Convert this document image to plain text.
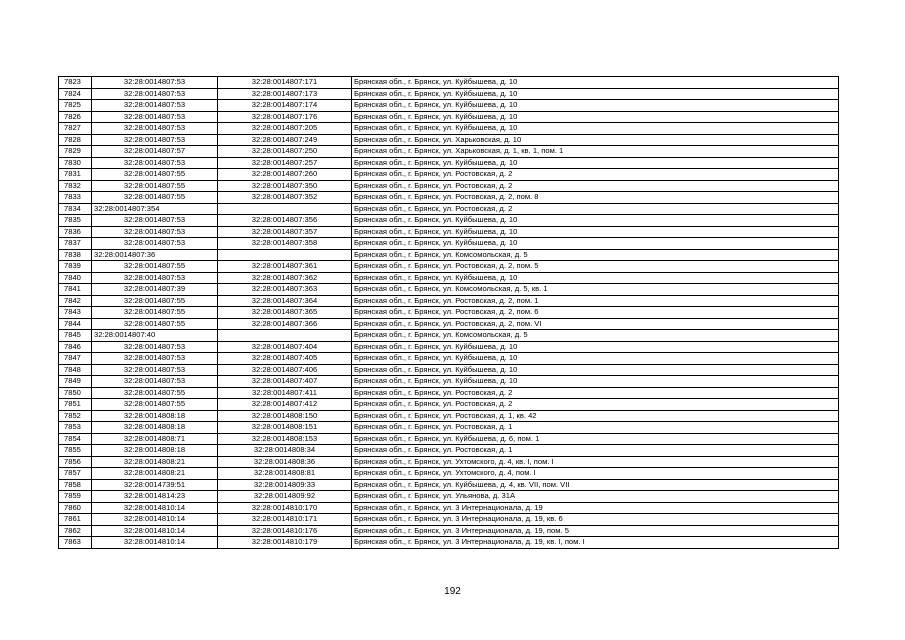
7823	32:28:0014807:53	32:28:0014807:171	Брянская обл., г. Брянск, ул. Куйбышева, д. 10
7824	32:28:0014807:53	32:28:0014807:173	Брянская обл., г. Брянск, ул. Куйбышева, д. 10
7825	32:28:0014807:53	32:28:0014807:174	Брянская обл., г. Брянск, ул. Куйбышева, д. 10
7826	32:28:0014807:53	32:28:0014807:176	Брянская обл., г. Брянск, ул. Куйбышева, д. 10
7827	32:28:0014807:53	32:28:0014807:205	Брянская обл., г. Брянск, ул. Куйбышева, д. 10
7828	32:28:0014807:53	32:28:0014807:249	Брянская обл., г. Брянск, ул. Харьковская, д. 10
7829	32:28:0014807:57	32:28:0014807:250	Брянская обл., г. Брянск, ул. Харьковская, д. 1, кв. 1, пом. 1
7830	32:28:0014807:53	32:28:0014807:257	Брянская обл., г. Брянск, ул. Куйбышева, д. 10
7831	32:28:0014807:55	32:28:0014807:260	Брянская обл., г. Брянск, ул. Ростовская, д. 2
7832	32:28:0014807:55	32:28:0014807:350	Брянская обл., г. Брянск, ул. Ростовская, д. 2
7833	32:28:0014807:55	32:28:0014807:352	Брянская обл., г. Брянск, ул. Ростовская, д. 2, пом. 8
7834	32:28:0014807:354		Брянская обл., г. Брянск, ул. Ростовская, д. 2
7835	32:28:0014807:53	32:28:0014807:356	Брянская обл., г. Брянск, ул. Куйбышева, д. 10
7836	32:28:0014807:53	32:28:0014807:357	Брянская обл., г. Брянск, ул. Куйбышева, д. 10
7837	32:28:0014807:53	32:28:0014807:358	Брянская обл., г. Брянск, ул. Куйбышева, д. 10
7838	32:28:0014807:36		Брянская обл., г. Брянск, ул. Комсомольская, д. 5
7839	32:28:0014807:55	32:28:0014807:361	Брянская обл., г. Брянск, ул. Ростовская, д. 2, пом. 5
7840	32:28:0014807:53	32:28:0014807:362	Брянская обл., г. Брянск, ул. Куйбышева, д. 10
7841	32:28:0014807:39	32:28:0014807:363	Брянская обл., г. Брянск, ул. Комсомольская, д. 5, кв. 1
7842	32:28:0014807:55	32:28:0014807:364	Брянская обл., г. Брянск, ул. Ростовская, д. 2, пом. 1
7843	32:28:0014807:55	32:28:0014807:365	Брянская обл., г. Брянск, ул. Ростовская, д. 2, пом. 6
7844	32:28:0014807:55	32:28:0014807:366	Брянская обл., г. Брянск, ул. Ростовская, д. 2, пом. VI
7845	32:28:0014807:40		Брянская обл., г. Брянск, ул. Комсомольская, д. 5
7846	32:28:0014807:53	32:28:0014807:404	Брянская обл., г. Брянск, ул. Куйбышева, д. 10
7847	32:28:0014807:53	32:28:0014807:405	Брянская обл., г. Брянск, ул. Куйбышева, д. 10
7848	32:28:0014807:53	32:28:0014807:406	Брянская обл., г. Брянск, ул. Куйбышева, д. 10
7849	32:28:0014807:53	32:28:0014807:407	Брянская обл., г. Брянск, ул. Куйбышева, д. 10
7850	32:28:0014807:55	32:28:0014807:411	Брянская обл., г. Брянск, ул. Ростовская, д. 2
7851	32:28:0014807:55	32:28:0014807:412	Брянская обл., г. Брянск, ул. Ростовская, д. 2
7852	32:28:0014808:18	32:28:0014808:150	Брянская обл., г. Брянск, ул. Ростовская, д. 1, кв. 42
7853	32:28:0014808:18	32:28:0014808:151	Брянская обл., г. Брянск, ул. Ростовская, д. 1
7854	32:28:0014808:71	32:28:0014808:153	Брянская обл., г. Брянск, ул. Куйбышева, д. 6, пом. 1
7855	32:28:0014808:18	32:28:0014808:34	Брянская обл., г. Брянск, ул. Ростовская, д. 1
7856	32:28:0014808:21	32:28:0014808:36	Брянская обл., г. Брянск, ул. Ухтомского, д. 4, кв. I, пом. I
7857	32:28:0014808:21	32:28:0014808:81	Брянская обл., г. Брянск, ул. Ухтомского, д. 4, пом. I
7858	32:28:0014739:51	32:28:0014809:33	Брянская обл., г. Брянск, ул. Куйбышева, д. 4, кв. VII, пом. VII
7859	32:28:0014814:23	32:28:0014809:92	Брянская обл., г. Брянск, ул. Ульянова, д. 31А
7860	32:28:0014810:14	32:28:0014810:170	Брянская обл., г. Брянск, ул. 3 Интернационала, д. 19
7861	32:28:0014810:14	32:28:0014810:171	Брянская обл., г. Брянск, ул. 3 Интернационала, д. 19, кв. 6
7862	32:28:0014810:14	32:28:0014810:176	Брянская обл., г. Брянск, ул. 3 Интернационала, д. 19, пом. 5
7863	32:28:0014810:14	32:28:0014810:179	Брянская обл., г. Брянск, ул. 3 Интернационала, д. 19, кв. I, пом. I
192
